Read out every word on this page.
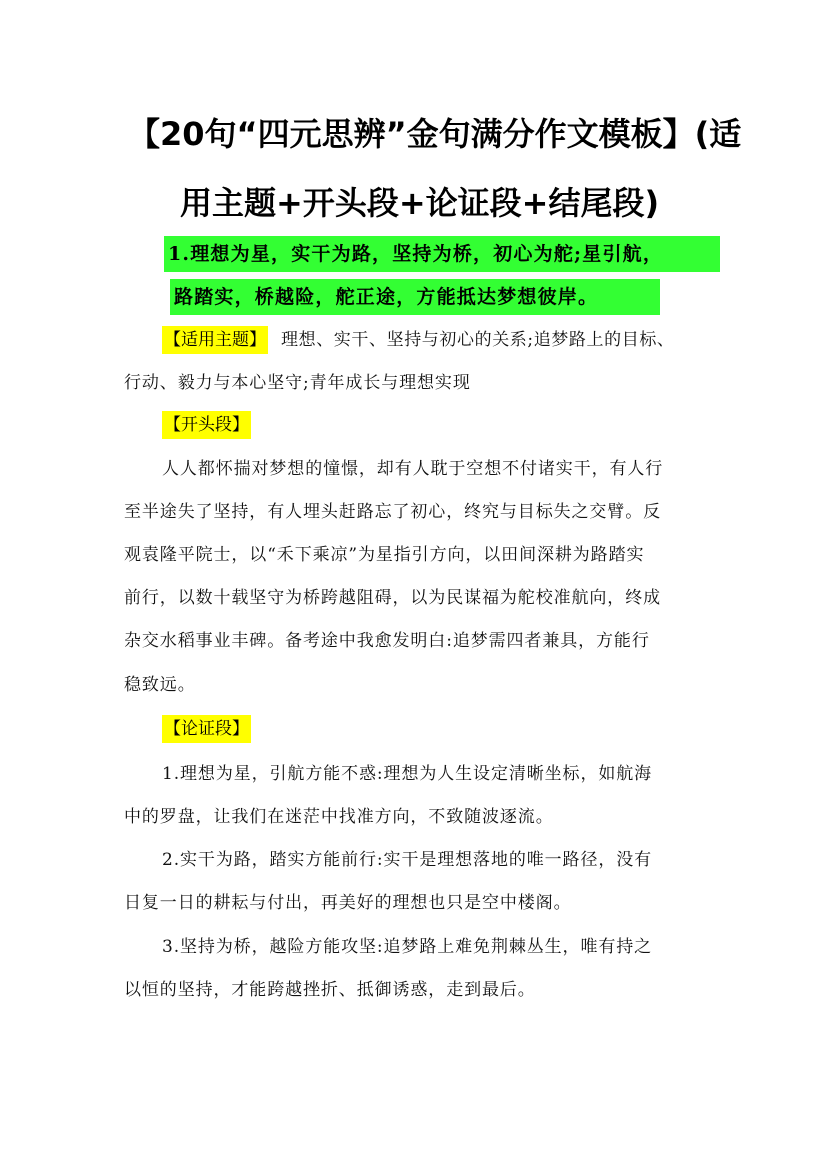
【20句“四元思辨”金句满分作文模板】(适
用主题+开头段+论证段+结尾段)
1.理想为星，实干为路，坚持为桥，初心为舵;星引航，
路踏实，桥越险，舵正途，方能抵达梦想彼岸。
【适用主题】 理想、实干、坚持与初心的关系;追梦路上的目标、
行动、毅力与本心坚守;青年成长与理想实现
【开头段】
人人都怀揣对梦想的憧憬，却有人耽于空想不付诸实干，有人行
至半途失了坚持，有人埋头赶路忘了初心，终究与目标失之交臂。反
观袁隆平院士，以“禾下乘凉”为星指引方向，以田间深耕为路踏实
前行，以数十载坚守为桥跨越阻碍，以为民谋福为舵校准航向，终成
杂交水稻事业丰碑。备考途中我愈发明白:追梦需四者兼具，方能行
稳致远。
【论证段】
1.理想为星，引航方能不惑:理想为人生设定清晰坐标，如航海
中的罗盘，让我们在迷茫中找准方向，不致随波逐流。
2.实干为路，踏实方能前行:实干是理想落地的唯一路径，没有
日复一日的耕耘与付出，再美好的理想也只是空中楼阁。
3.坚持为桥，越险方能攻坚:追梦路上难免荆棘丛生，唯有持之
以恒的坚持，才能跨越挫折、抵御诱惑，走到最后。
